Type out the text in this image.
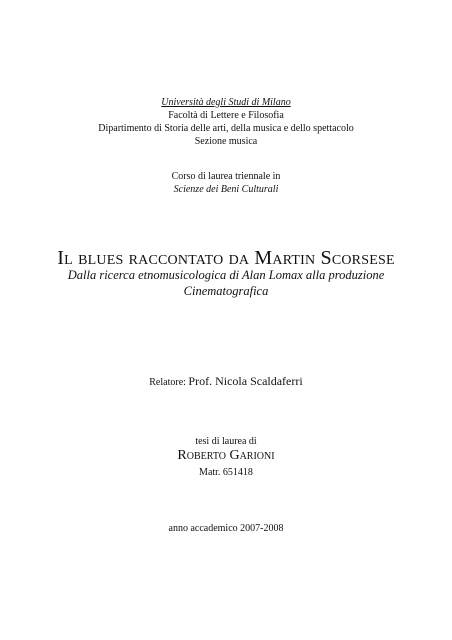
Università degli Studi di Milano
Facoltà di Lettere e Filosofia
Dipartimento di Storia delle arti, della musica e dello spettacolo
Sezione musica
Corso di laurea triennale in
Scienze dei Beni Culturali
Il blues raccontato da Martin Scorsese
Dalla ricerca etnomusicologica di Alan Lomax alla produzione
Cinematografica
Relatore: Prof. Nicola Scaldaferri
tesi di laurea di
Roberto Garioni
Matr. 651418
anno accademico 2007-2008
